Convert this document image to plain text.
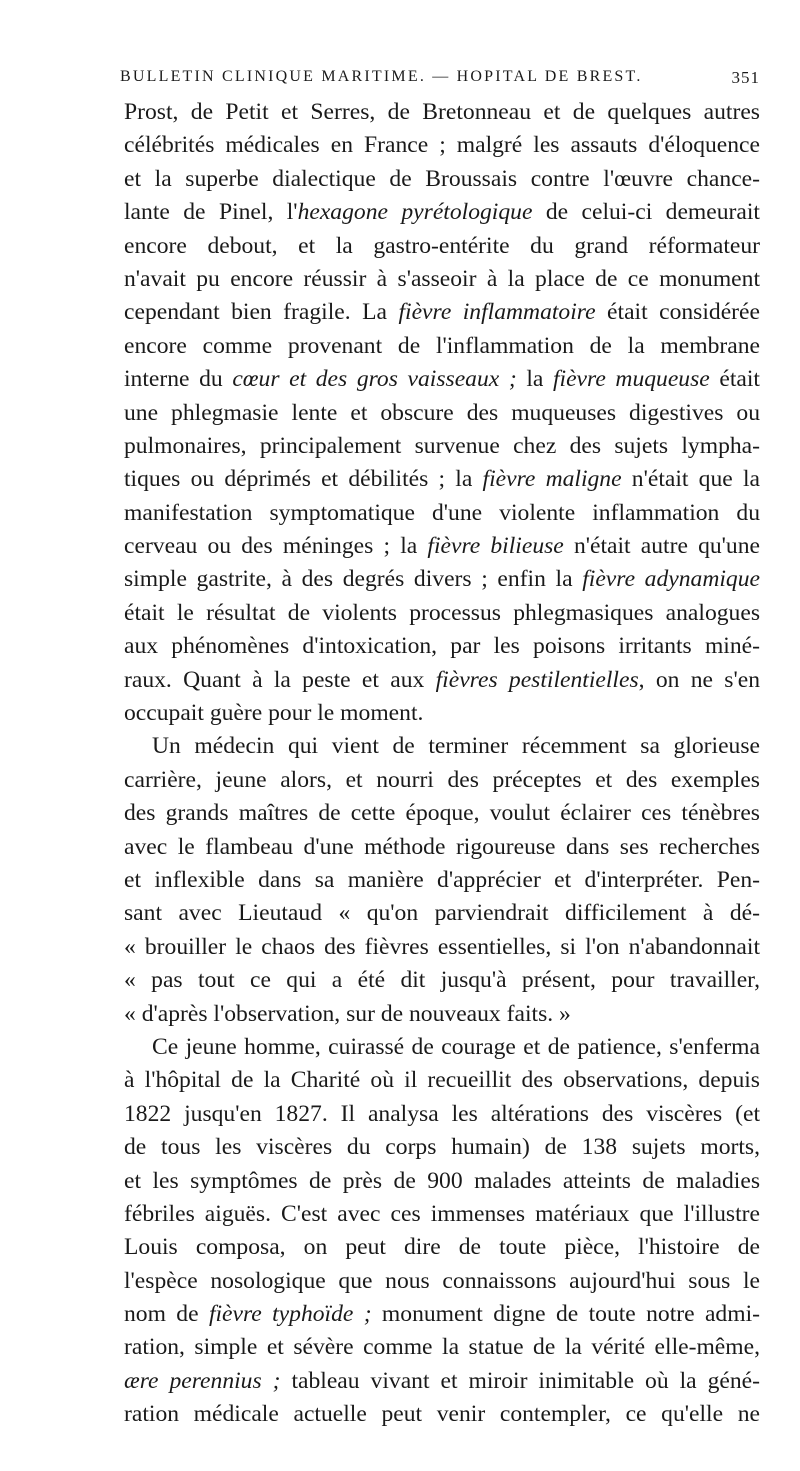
BULLETIN CLINIQUE MARITIME. — HOPITAL DE BREST.	351
Prost, de Petit et Serres, de Bretonneau et de quelques autres
célébrités médicales en France ; malgré les assauts d'éloquence
et la superbe dialectique de Broussais contre l'œuvre chance-
lante de Pinel, l'hexagone pyrétologique de celui-ci demeurait
encore debout, et la gastro-entérite du grand réformateur
n'avait pu encore réussir à s'asseoir à la place de ce monument
cependant bien fragile. La fièvre inflammatoire était considérée
encore comme provenant de l'inflammation de la membrane
interne du cœur et des gros vaisseaux ; la fièvre muqueuse était
une phlegmasie lente et obscure des muqueuses digestives ou
pulmonaires, principalement survenue chez des sujets lympha-
tiques ou déprimés et débilités ; la fièvre maligne n'était que la
manifestation symptomatique d'une violente inflammation du
cerveau ou des méninges ; la fièvre bilieuse n'était autre qu'une
simple gastrite, à des degrés divers ; enfin la fièvre adynamique
était le résultat de violents processus phlegmasiques analogues
aux phénomènes d'intoxication, par les poisons irritants miné-
raux. Quant à la peste et aux fièvres pestilentielles, on ne s'en
occupait guère pour le moment.
Un médecin qui vient de terminer récemment sa glorieuse
carrière, jeune alors, et nourri des préceptes et des exemples
des grands maîtres de cette époque, voulut éclairer ces ténèbres
avec le flambeau d'une méthode rigoureuse dans ses recherches
et inflexible dans sa manière d'apprécier et d'interpréter. Pen-
sant avec Lieutaud « qu'on parviendrait difficilement à dé-
« brouiller le chaos des fièvres essentielles, si l'on n'abandonnait
« pas tout ce qui a été dit jusqu'à présent, pour travailler,
« d'après l'observation, sur de nouveaux faits. »
Ce jeune homme, cuirassé de courage et de patience, s'enferma
à l'hôpital de la Charité où il recueillit des observations, depuis
1822 jusqu'en 1827. Il analysa les altérations des viscères (et
de tous les viscères du corps humain) de 138 sujets morts,
et les symptômes de près de 900 malades atteints de maladies
fébriles aiguës. C'est avec ces immenses matériaux que l'illustre
Louis composa, on peut dire de toute pièce, l'histoire de
l'espèce nosologique que nous connaissons aujourd'hui sous le
nom de fièvre typhoïde ; monument digne de toute notre admi-
ration, simple et sévère comme la statue de la vérité elle-même,
ære perennius ; tableau vivant et miroir inimitable où la géné-
ration médicale actuelle peut venir contempler, ce qu'elle ne
